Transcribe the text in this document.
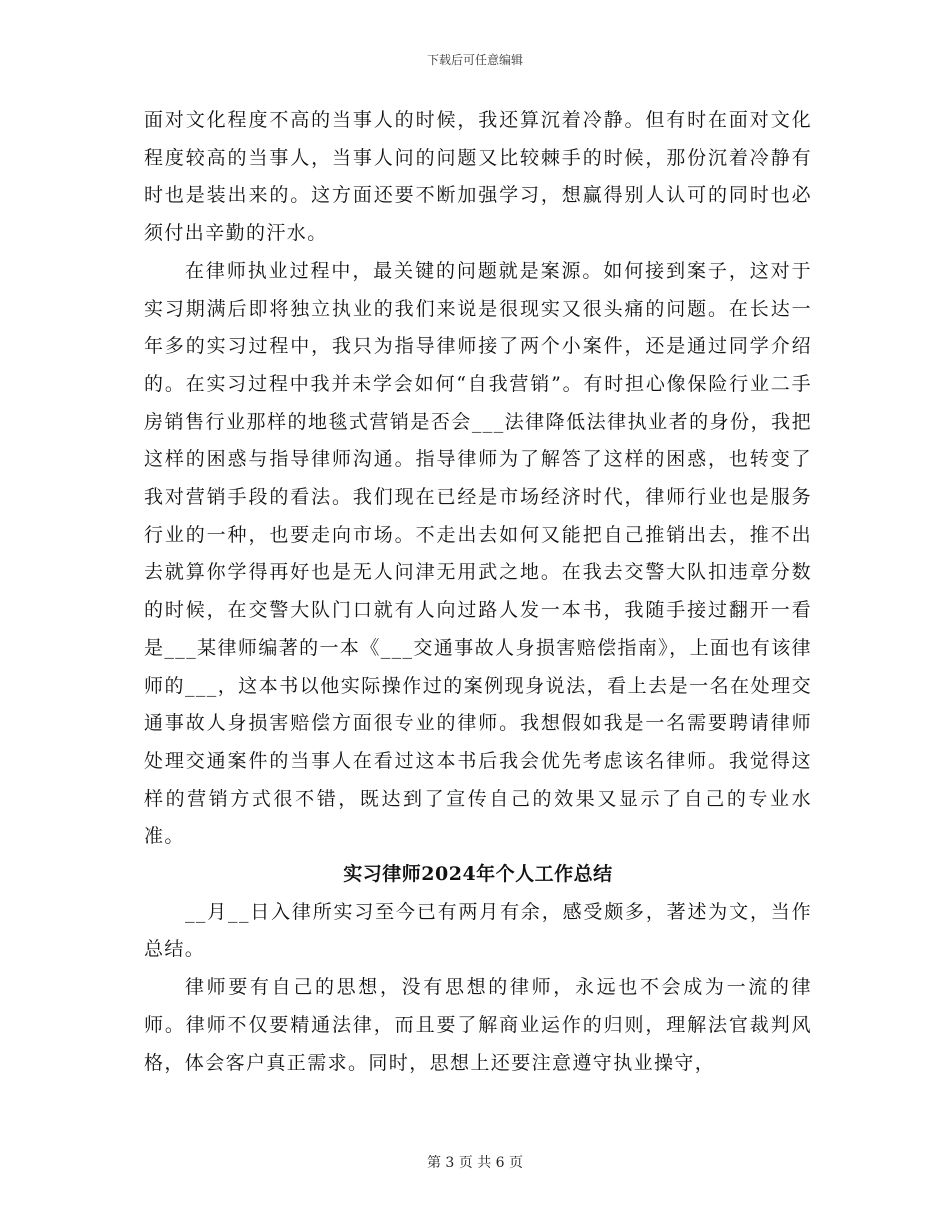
下载后可任意编辑

面对文化程度不高的当事人的时候，我还算沉着冷静。但有时在面对文化程度较高的当事人，当事人问的问题又比较棘手的时候，那份沉着冷静有时也是装出来的。这方面还要不断加强学习，想赢得别人认可的同时也必须付出辛勤的汗水。

在律师执业过程中，最关键的问题就是案源。如何接到案子，这对于实习期满后即将独立执业的我们来说是很现实又很头痛的问题。在长达一年多的实习过程中，我只为指导律师接了两个小案件，还是通过同学介绍的。在实习过程中我并未学会如何“自我营销”。有时担心像保险行业二手房销售行业那样的地毯式营销是否会___法律降低法律执业者的身份，我把这样的困惑与指导律师沟通。指导律师为了解答了这样的困惑，也转变了我对营销手段的看法。我们现在已经是市场经济时代，律师行业也是服务行业的一种，也要走向市场。不走出去如何又能把自己推销出去，推不出去就算你学得再好也是无人问津无用武之地。在我去交警大队扣违章分数的时候，在交警大队门口就有人向过路人发一本书，我随手接过翻开一看是___某律师编著的一本《___交通事故人身损害赔偿指南》，上面也有该律师的___，这本书以他实际操作过的案例现身说法，看上去是一名在处理交通事故人身损害赔偿方面很专业的律师。我想假如我是一名需要聘请律师处理交通案件的当事人在看过这本书后我会优先考虑该名律师。我觉得这样的营销方式很不错，既达到了宣传自己的效果又显示了自己的专业水准。

实习律师2024年个人工作总结

__月__日入律所实习至今已有两月有余，感受颇多，著述为文，当作总结。

律师要有自己的思想，没有思想的律师，永远也不会成为一流的律师。律师不仅要精通法律，而且要了解商业运作的归则，理解法官裁判风格，体会客户真正需求。同时，思想上还要注意遵守执业操守，

第 3 页 共 6 页
